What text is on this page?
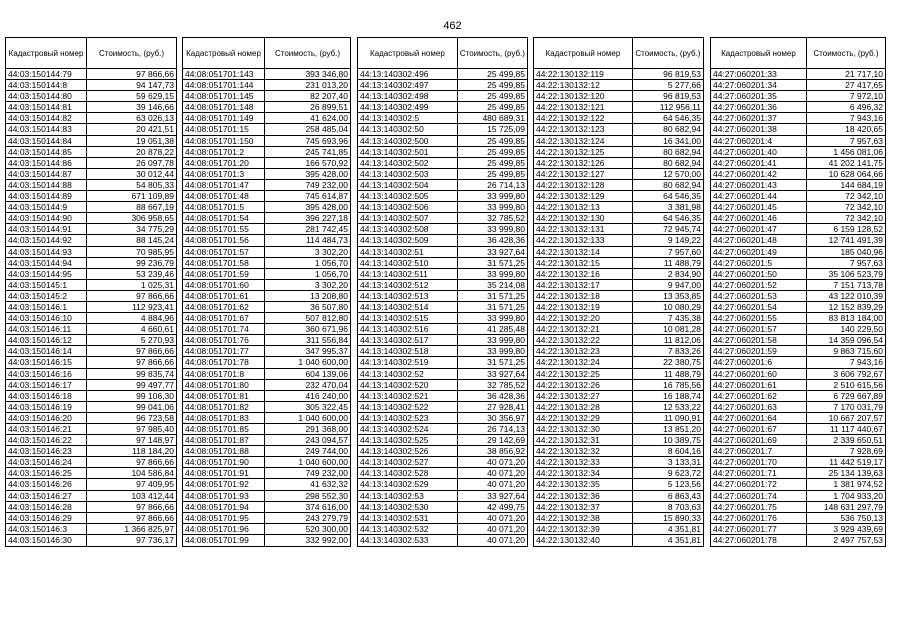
462
Кадастровый номер	Стоимость, (руб.)
44:03:150144:79	97 866,66
44:03:150144:8	94 147,73
44:03:150144:80	59 629,15
44:03:150144:81	39 146,66
44:03:150144:82	63 026,13
44:03:150144:83	20 421,51
44:03:150144:84	19 051,38
44:03:150144:85	20 878,22
44:03:150144:86	26 097,78
44:03:150144:87	30 012,44
44:03:150144:88	54 805,33
44:03:150144:89	671 109,89
44:03:150144:9	88 667,19
44:03:150144:90	306 958,65
44:03:150144:91	34 775,29
44:03:150144:92	88 145,24
44:03:150144:93	70 985,95
44:03:150144:94	99 236,79
44:03:150144:95	53 239,46
44:03:150145:1	1 025,31
44:03:150145:2	97 866,66
44:03:150146:1	112 923,41
44:03:150146:10	4 884,96
44:03:150146:11	4 660,61
44:03:150146:12	5 270,93
44:03:150146:14	97 866,66
44:03:150146:15	97 866,66
44:03:150146:16	99 835,74
44:03:150146:17	99 497,77
44:03:150146:18	99 106,30
44:03:150146:19	99 041,06
44:03:150146:20	96 723,58
44:03:150146:21	97 985,40
44:03:150146:22	97 148,97
44:03:150146:23	118 184,20
44:03:150146:24	97 866,66
44:03:150146:25	104 586,84
44:03:150146:26	97 409,95
44:03:150146:27	103 412,44
44:03:150146:28	97 866,66
44:03:150146:29	97 866,66
44:03:150146:3	1 366 825,97
44:03:150146:30	97 736,17
Кадастровый номер	Стоимость, (руб.)
44:08:051701:143	393 346,80
44:08:051701:144	231 013,20
44:08:051701:145	82 207,40
44:08:051701:148	26 899,51
44:08:051701:149	41 624,00
44:08:051701:15	258 485,04
44:08:051701:150	745 693,96
44:08:051701:2	245 741,85
44:08:051701:20	166 570,92
44:08:051701:3	395 428,00
44:08:051701:47	749 232,00
44:08:051701:48	745 614,87
44:08:051701:5	395 428,00
44:08:051701:54	396 227,18
44:08:051701:55	281 742,45
44:08:051701:56	114 484,73
44:08:051701:57	3 302,20
44:08:051701:58	1 056,70
44:08:051701:59	1 056,70
44:08:051701:60	3 302,20
44:08:051701:61	13 208,80
44:08:051701:62	36 507,80
44:08:051701:67	507 812,80
44:08:051701:74	360 671,96
44:08:051701:76	311 556,84
44:08:051701:77	347 995,37
44:08:051701:78	1 040 600,00
44:08:051701:8	604 139,06
44:08:051701:80	232 470,04
44:08:051701:81	416 240,00
44:08:051701:82	305 322,45
44:08:051701:83	1 040 600,00
44:08:051701:85	291 368,00
44:08:051701:87	243 094,57
44:08:051701:88	249 744,00
44:08:051701:90	1 040 600,00
44:08:051701:91	749 232,00
44:08:051701:92	41 632,32
44:08:051701:93	298 552,30
44:08:051701:94	374 616,00
44:08:051701:95	243 279,79
44:08:051701:96	520 300,00
44:08:051701:99	332 992,00
Кадастровый номер	Стоимость, (руб.)
44:13:140302:496	25 499,85
44:13:140302:497	25 499,85
44:13:140302:498	25 499,85
44:13:140302:499	25 499,85
44:13:140302:5	480 689,31
44:13:140302:50	15 725,09
44:13:140302:500	25 499,85
44:13:140302:501	25 499,85
44:13:140302:502	25 499,85
44:13:140302:503	25 499,85
44:13:140302:504	26 714,13
44:13:140302:505	33 999,80
44:13:140302:506	33 999,80
44:13:140302:507	32 785,52
44:13:140302:508	33 999,80
44:13:140302:509	36 428,36
44:13:140302:51	33 927,64
44:13:140302:510	31 571,25
44:13:140302:511	33 999,80
44:13:140302:512	35 214,08
44:13:140302:513	31 571,25
44:13:140302:514	31 571,25
44:13:140302:515	33 999,80
44:13:140302:516	41 285,48
44:13:140302:517	33 999,80
44:13:140302:518	33 999,80
44:13:140302:519	31 571,25
44:13:140302:52	33 927,64
44:13:140302:520	32 785,52
44:13:140302:521	36 428,36
44:13:140302:522	27 928,41
44:13:140302:523	30 356,97
44:13:140302:524	26 714,13
44:13:140302:525	29 142,69
44:13:140302:526	38 856,92
44:13:140302:527	40 071,20
44:13:140302:528	40 071,20
44:13:140302:529	40 071,20
44:13:140302:53	33 927,64
44:13:140302:530	42 499,75
44:13:140302:531	40 071,20
44:13:140302:532	40 071,20
44:13:140302:533	40 071,20
Кадастровый номер	Стоимость, (руб.)
44:22:130132:119	96 819,53
44:22:130132:12	5 277,66
44:22:130132:120	96 819,53
44:22:130132:121	112 956,11
44:22:130132:122	64 546,35
44:22:130132:123	80 682,94
44:22:130132:124	16 341,00
44:22:130132:125	80 682,94
44:22:130132:126	80 682,94
44:22:130132:127	12 570,00
44:22:130132:128	80 682,94
44:22:130132:129	64 546,35
44:22:130132:13	3 381,98
44:22:130132:130	64 546,35
44:22:130132:131	72 945,74
44:22:130132:133	9 149,22
44:22:130132:14	7 957,60
44:22:130132:15	11 488,79
44:22:130132:16	2 834,90
44:22:130132:17	9 947,00
44:22:130132:18	13 353,85
44:22:130132:19	10 080,29
44:22:130132:20	7 435,38
44:22:130132:21	10 081,28
44:22:130132:22	11 812,06
44:22:130132:23	7 833,26
44:22:130132:24	22 380,75
44:22:130132:25	11 488,79
44:22:130132:26	16 785,56
44:22:130132:27	16 188,74
44:22:130132:28	12 533,22
44:22:130132:29	11 090,91
44:22:130132:30	13 851,20
44:22:130132:31	10 389,75
44:22:130132:32	8 604,16
44:22:130132:33	3 133,31
44:22:130132:34	9 623,72
44:22:130132:35	5 123,56
44:22:130132:36	6 863,43
44:22:130132:37	8 703,63
44:22:130132:38	15 890,33
44:22:130132:39	4 351,81
44:22:130132:40	4 351,81
Кадастровый номер	Стоимость, (руб.)
44:27:060201:33	21 717,10
44:27:060201:34	27 417,65
44:27:060201:35	7 972,10
44:27:060201:36	6 496,32
44:27:060201:37	7 943,16
44:27:060201:38	18 420,65
44:27:060201:4	7 957,63
44:27:060201:40	1 456 081,06
44:27:060201:41	41 202 141,75
44:27:060201:42	10 628 064,66
44:27:060201:43	144 684,19
44:27:060201:44	72 342,10
44:27:060201:45	72 342,10
44:27:060201:46	72 342,10
44:27:060201:47	6 159 128,52
44:27:060201:48	12 741 491,39
44:27:060201:49	185 040,96
44:27:060201:5	7 957,63
44:27:060201:50	35 106 523,79
44:27:060201:52	7 151 713,78
44:27:060201:53	43 122 010,39
44:27:060201:54	12 152 839,29
44:27:060201:55	83 813 184,00
44:27:060201:57	140 229,50
44:27:060201:58	14 359 096,54
44:27:060201:59	9 863 715,60
44:27:060201:6	7 943,16
44:27:060201:60	3 606 792,67
44:27:060201:61	2 510 615,56
44:27:060201:62	6 729 667,89
44:27:060201:63	7 170 031,79
44:27:060201:64	10 667 207,57
44:27:060201:67	11 117 440,67
44:27:060201:69	2 339 650,51
44:27:060201:7	7 928,69
44:27:060201:70	11 442 519,17
44:27:060201:71	25 134 139,63
44:27:060201:72	1 381 974,52
44:27:060201:74	1 704 933,20
44:27:060201:75	148 631 297,79
44:27:060201:76	536 750,13
44:27:060201:77	3 929 439,69
44:27:060201:78	2 497 757,53
